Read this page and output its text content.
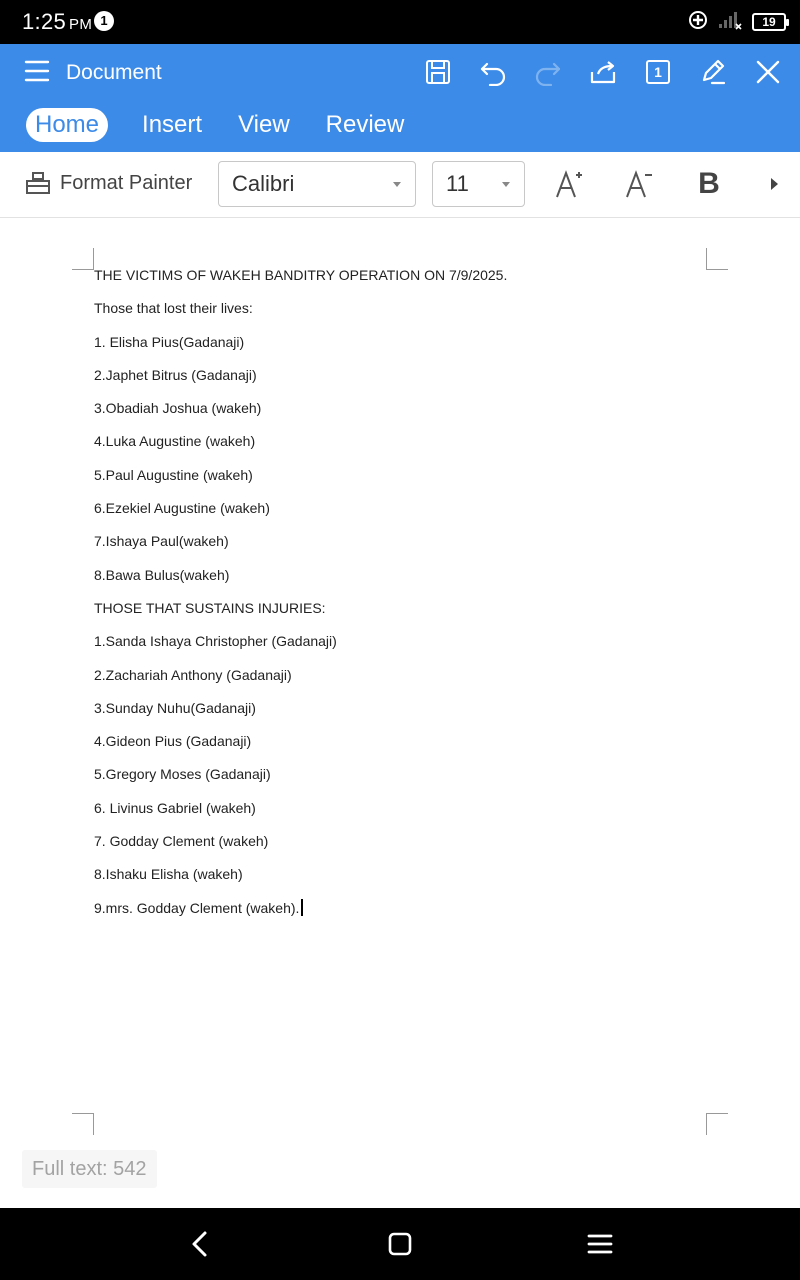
1:25 PM 1	19
Document	1
Home	Insert View Review
Format Painter	Calibri	11	B
THE VICTIMS OF WAKEH BANDITRY OPERATION ON 7/9/2025.
Those that lost their lives:
1. Elisha Pius(Gadanaji)
2.Japhet Bitrus (Gadanaji)
3.Obadiah Joshua (wakeh)
4.Luka Augustine (wakeh)
5.Paul Augustine (wakeh)
6.Ezekiel Augustine (wakeh)
7.Ishaya Paul(wakeh)
8.Bawa Bulus(wakeh)
THOSE THAT SUSTAINS INJURIES:
1.Sanda Ishaya Christopher (Gadanaji)
2.Zachariah Anthony (Gadanaji)
3.Sunday Nuhu(Gadanaji)
4.Gideon Pius (Gadanaji)
5.Gregory Moses (Gadanaji)
6. Livinus Gabriel (wakeh)
7. Godday Clement (wakeh)
8.Ishaku Elisha (wakeh)
9.mrs. Godday Clement (wakeh).
Full text: 542
